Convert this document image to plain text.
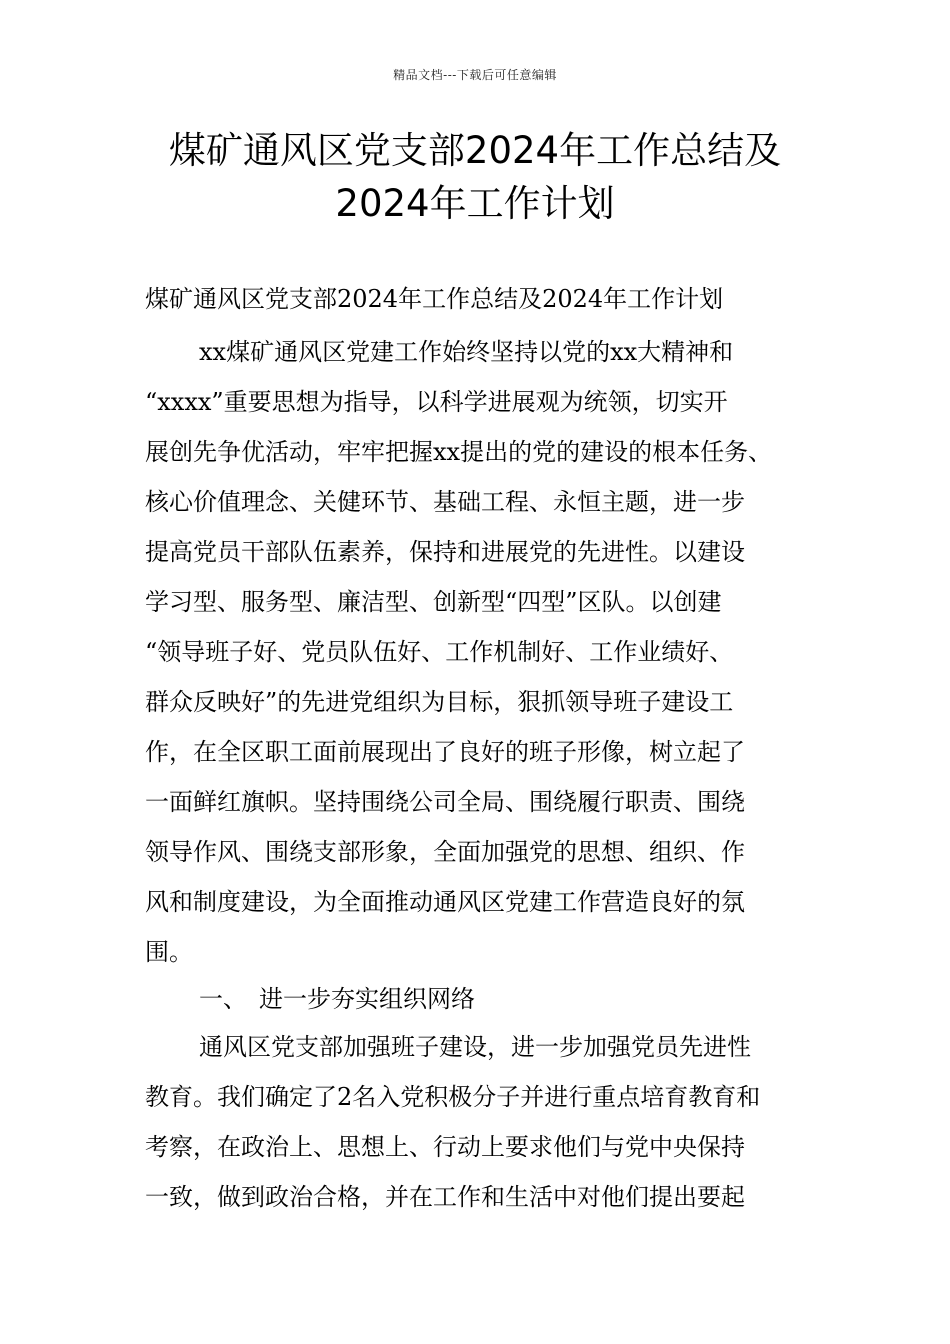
精品文档---下载后可任意编辑
煤矿通风区党支部2024年工作总结及
2024年工作计划
煤矿通风区党支部2024年工作总结及2024年工作计划
xx煤矿通风区党建工作始终坚持以党的xx大精神和
“xxxx”重要思想为指导，以科学进展观为统领，切实开
展创先争优活动，牢牢把握xx提出的党的建设的根本任务、
核心价值理念、关健环节、基础工程、永恒主题，进一步
提高党员干部队伍素养，保持和进展党的先进性。以建设
学习型、服务型、廉洁型、创新型“四型”区队。以创建
“领导班子好、党员队伍好、工作机制好、工作业绩好、
群众反映好”的先进党组织为目标，狠抓领导班子建设工
作，在全区职工面前展现出了良好的班子形像，树立起了
一面鲜红旗帜。坚持围绕公司全局、围绕履行职责、围绕
领导作风、围绕支部形象，全面加强党的思想、组织、作
风和制度建设，为全面推动通风区党建工作营造良好的氛
围。
一、 进一步夯实组织网络
通风区党支部加强班子建设，进一步加强党员先进性
教育。我们确定了2名入党积极分子并进行重点培育教育和
考察，在政治上、思想上、行动上要求他们与党中央保持
一致，做到政治合格，并在工作和生活中对他们提出要起
